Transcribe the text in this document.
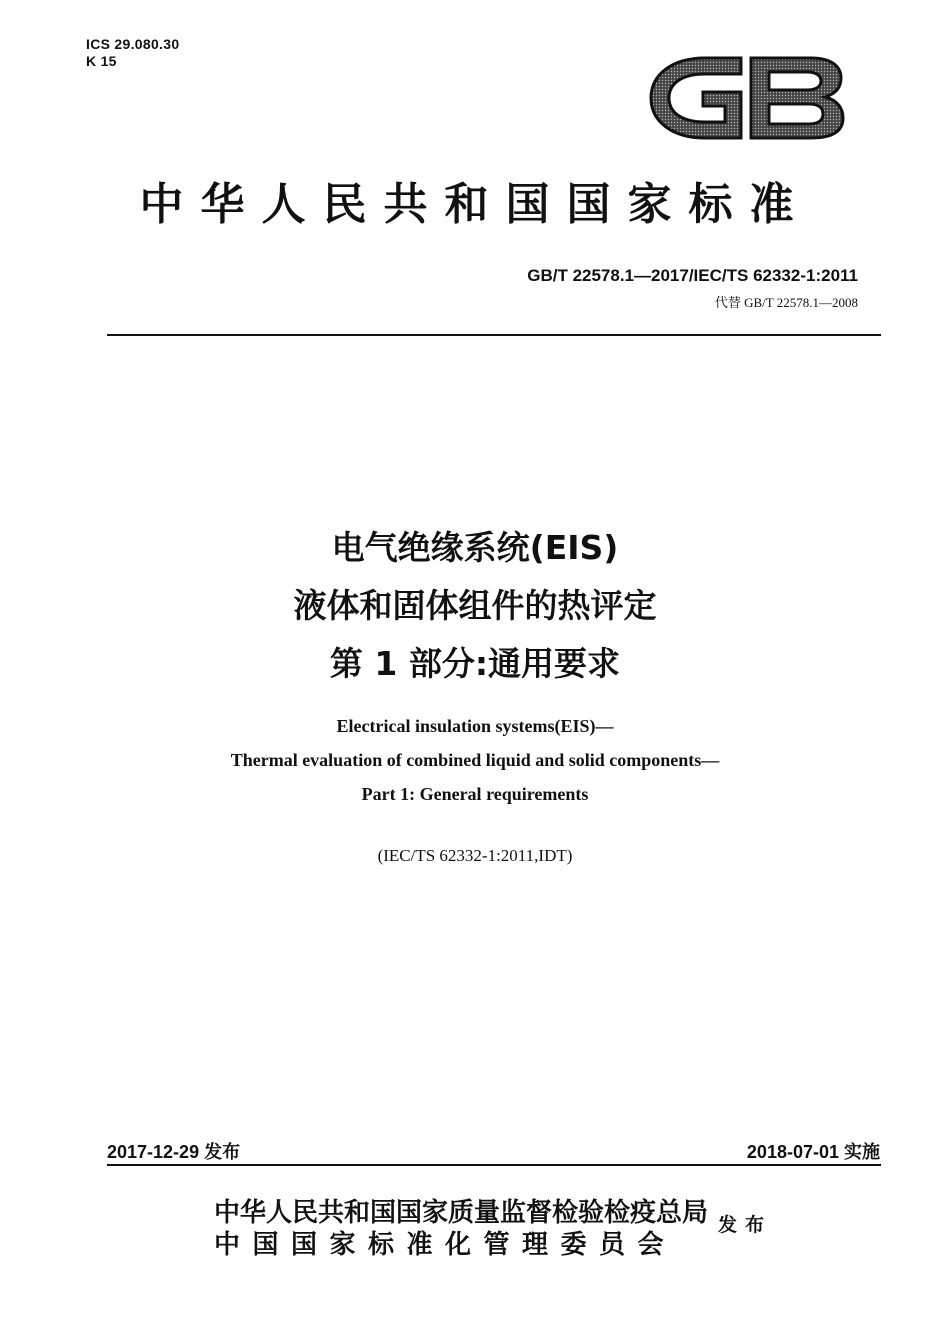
ICS 29.080.30
K 15
中华人民共和国国家标准
GB/T 22578.1—2017/IEC/TS 62332-1:2011
代替 GB/T 22578.1—2008
电气绝缘系统(EIS)
液体和固体组件的热评定
第 1 部分:通用要求
Electrical insulation systems(EIS)—
Thermal evaluation of combined liquid and solid components—
Part 1: General requirements
(IEC/TS 62332-1:2011,IDT)
2017-12-29 发布	2018-07-01 实施
中华人民共和国国家质量监督检验检疫总局
中国国家标准化管理委员会
发布
